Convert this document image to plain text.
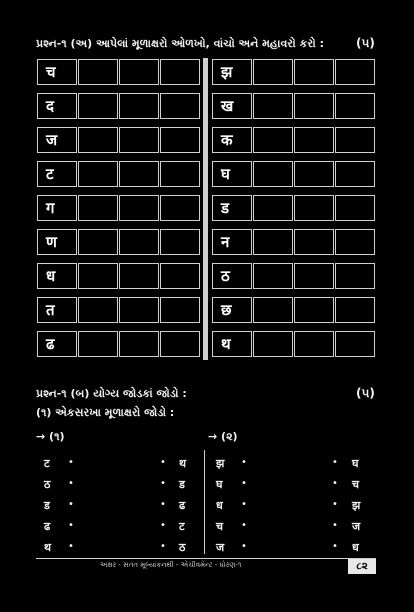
પ્રશ્ન-૧ (અ) આપેલાં મૂળાક્ષરો ઓળખો, વાંચો અને મહાવરો કરો :	(૫)
પ્રશ્ન-૧ (બ) યોગ્ય જોડકાં જોડો :	(૫)
(૧) એકસરખા મૂળાક્ષરો જોડો :
→ (૧)	→ (૨)
અક્ષર - સતત મૂલ્યાંકનથી - એચીવમેન્ટ - ધોરણ-૧	૮૨
च
द
ज
ट
ग
ण
ध
त
ढ
झ
ख
क
घ
ड
न
ठ
छ
थ
ट •	• थ	झ •	• घ
ठ •	• ड	घ •	• च
ड •	• ढ	ध •	• झ
ढ •	• ट	च •	• ज
थ •	• ठ	ज •	• ध
